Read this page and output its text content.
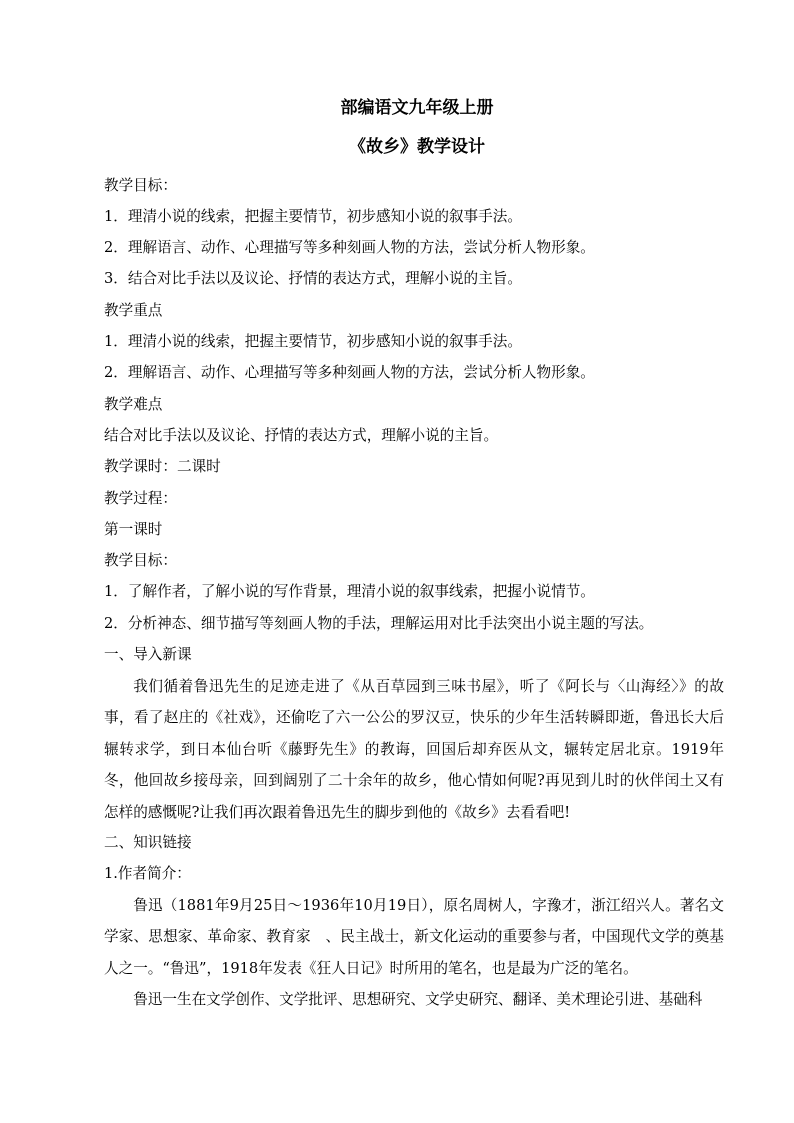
部编语文九年级上册
《故乡》教学设计
教学目标：
1．理清小说的线索，把握主要情节，初步感知小说的叙事手法。
2．理解语言、动作、心理描写等多种刻画人物的方法，尝试分析人物形象。
3．结合对比手法以及议论、抒情的表达方式，理解小说的主旨。
教学重点
1．理清小说的线索，把握主要情节，初步感知小说的叙事手法。
2．理解语言、动作、心理描写等多种刻画人物的方法，尝试分析人物形象。
教学难点
结合对比手法以及议论、抒情的表达方式，理解小说的主旨。
教学课时：二课时
教学过程：
第一课时
教学目标：
1．了解作者，了解小说的写作背景，理清小说的叙事线索，把握小说情节。
2．分析神态、细节描写等刻画人物的手法，理解运用对比手法突出小说主题的写法。
一、导入新课
我们循着鲁迅先生的足迹走进了《从百草园到三味书屋》，听了《阿长与〈山海经〉》的故事，看了赵庄的《社戏》，还偷吃了六一公公的罗汉豆，快乐的少年生活转瞬即逝，鲁迅长大后辗转求学，到日本仙台听《藤野先生》的教诲，回国后却弃医从文，辗转定居北京。1919年冬，他回故乡接母亲，回到阔别了二十余年的故乡，他心情如何呢?再见到儿时的伙伴闰土又有怎样的感慨呢?让我们再次跟着鲁迅先生的脚步到他的《故乡》去看看吧!
二、知识链接
1.作者简介：
鲁迅（1881年9月25日～1936年10月19日），原名周树人，字豫才，浙江绍兴人。著名文学家、思想家、革命家、教育家　、民主战士，新文化运动的重要参与者，中国现代文学的奠基人之一。“鲁迅”，1918年发表《狂人日记》时所用的笔名，也是最为广泛的笔名。
鲁迅一生在文学创作、文学批评、思想研究、文学史研究、翻译、美术理论引进、基础科
